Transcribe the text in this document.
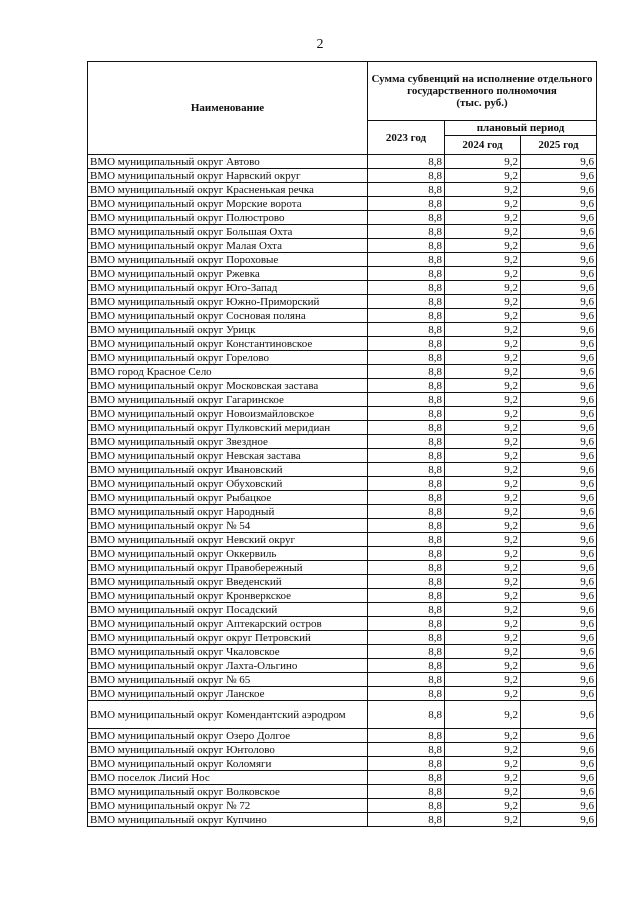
2
Наименование	Сумма субвенций на исполнение отдельного государственного полномочия
(тыс. руб.)		
	2023 год	плановый период	
		2024 год	2025 год
ВМО муниципальный округ Автово	8,8	9,2	9,6
ВМО муниципальный округ Нарвский округ	8,8	9,2	9,6
ВМО муниципальный округ Красненькая речка	8,8	9,2	9,6
ВМО муниципальный округ Морские ворота	8,8	9,2	9,6
ВМО муниципальный округ Полюстрово	8,8	9,2	9,6
ВМО муниципальный округ Большая Охта	8,8	9,2	9,6
ВМО муниципальный округ Малая Охта	8,8	9,2	9,6
ВМО муниципальный округ Пороховые	8,8	9,2	9,6
ВМО муниципальный округ Ржевка	8,8	9,2	9,6
ВМО муниципальный округ Юго-Запад	8,8	9,2	9,6
ВМО муниципальный округ Южно-Приморский	8,8	9,2	9,6
ВМО муниципальный округ Сосновая поляна	8,8	9,2	9,6
ВМО муниципальный округ Урицк	8,8	9,2	9,6
ВМО муниципальный округ Константиновское	8,8	9,2	9,6
ВМО муниципальный округ Горелово	8,8	9,2	9,6
ВМО город Красное Село	8,8	9,2	9,6
ВМО муниципальный округ Московская застава	8,8	9,2	9,6
ВМО муниципальный округ Гагаринское	8,8	9,2	9,6
ВМО муниципальный округ Новоизмайловское	8,8	9,2	9,6
ВМО муниципальный округ Пулковский меридиан	8,8	9,2	9,6
ВМО муниципальный округ Звездное	8,8	9,2	9,6
ВМО муниципальный округ Невская застава	8,8	9,2	9,6
ВМО муниципальный округ Ивановский	8,8	9,2	9,6
ВМО муниципальный округ Обуховский	8,8	9,2	9,6
ВМО муниципальный округ Рыбацкое	8,8	9,2	9,6
ВМО муниципальный округ Народный	8,8	9,2	9,6
ВМО муниципальный округ № 54	8,8	9,2	9,6
ВМО муниципальный округ Невский округ	8,8	9,2	9,6
ВМО муниципальный округ Оккервиль	8,8	9,2	9,6
ВМО муниципальный округ Правобережный	8,8	9,2	9,6
ВМО муниципальный округ Введенский	8,8	9,2	9,6
ВМО муниципальный округ Кронверкское	8,8	9,2	9,6
ВМО муниципальный округ Посадский	8,8	9,2	9,6
ВМО муниципальный округ Аптекарский остров	8,8	9,2	9,6
ВМО муниципальный округ округ Петровский	8,8	9,2	9,6
ВМО муниципальный округ Чкаловское	8,8	9,2	9,6
ВМО муниципальный округ Лахта-Ольгино	8,8	9,2	9,6
ВМО муниципальный округ № 65	8,8	9,2	9,6
ВМО муниципальный округ Ланское	8,8	9,2	9,6
ВМО муниципальный округ Комендантский аэродром	8,8	9,2	9,6
ВМО муниципальный округ Озеро Долгое	8,8	9,2	9,6
ВМО муниципальный округ Юнтолово	8,8	9,2	9,6
ВМО муниципальный округ Коломяги	8,8	9,2	9,6
ВМО поселок Лисий Нос	8,8	9,2	9,6
ВМО муниципальный округ Волковское	8,8	9,2	9,6
ВМО муниципальный округ № 72	8,8	9,2	9,6
ВМО муниципальный округ Купчино	8,8	9,2	9,6
